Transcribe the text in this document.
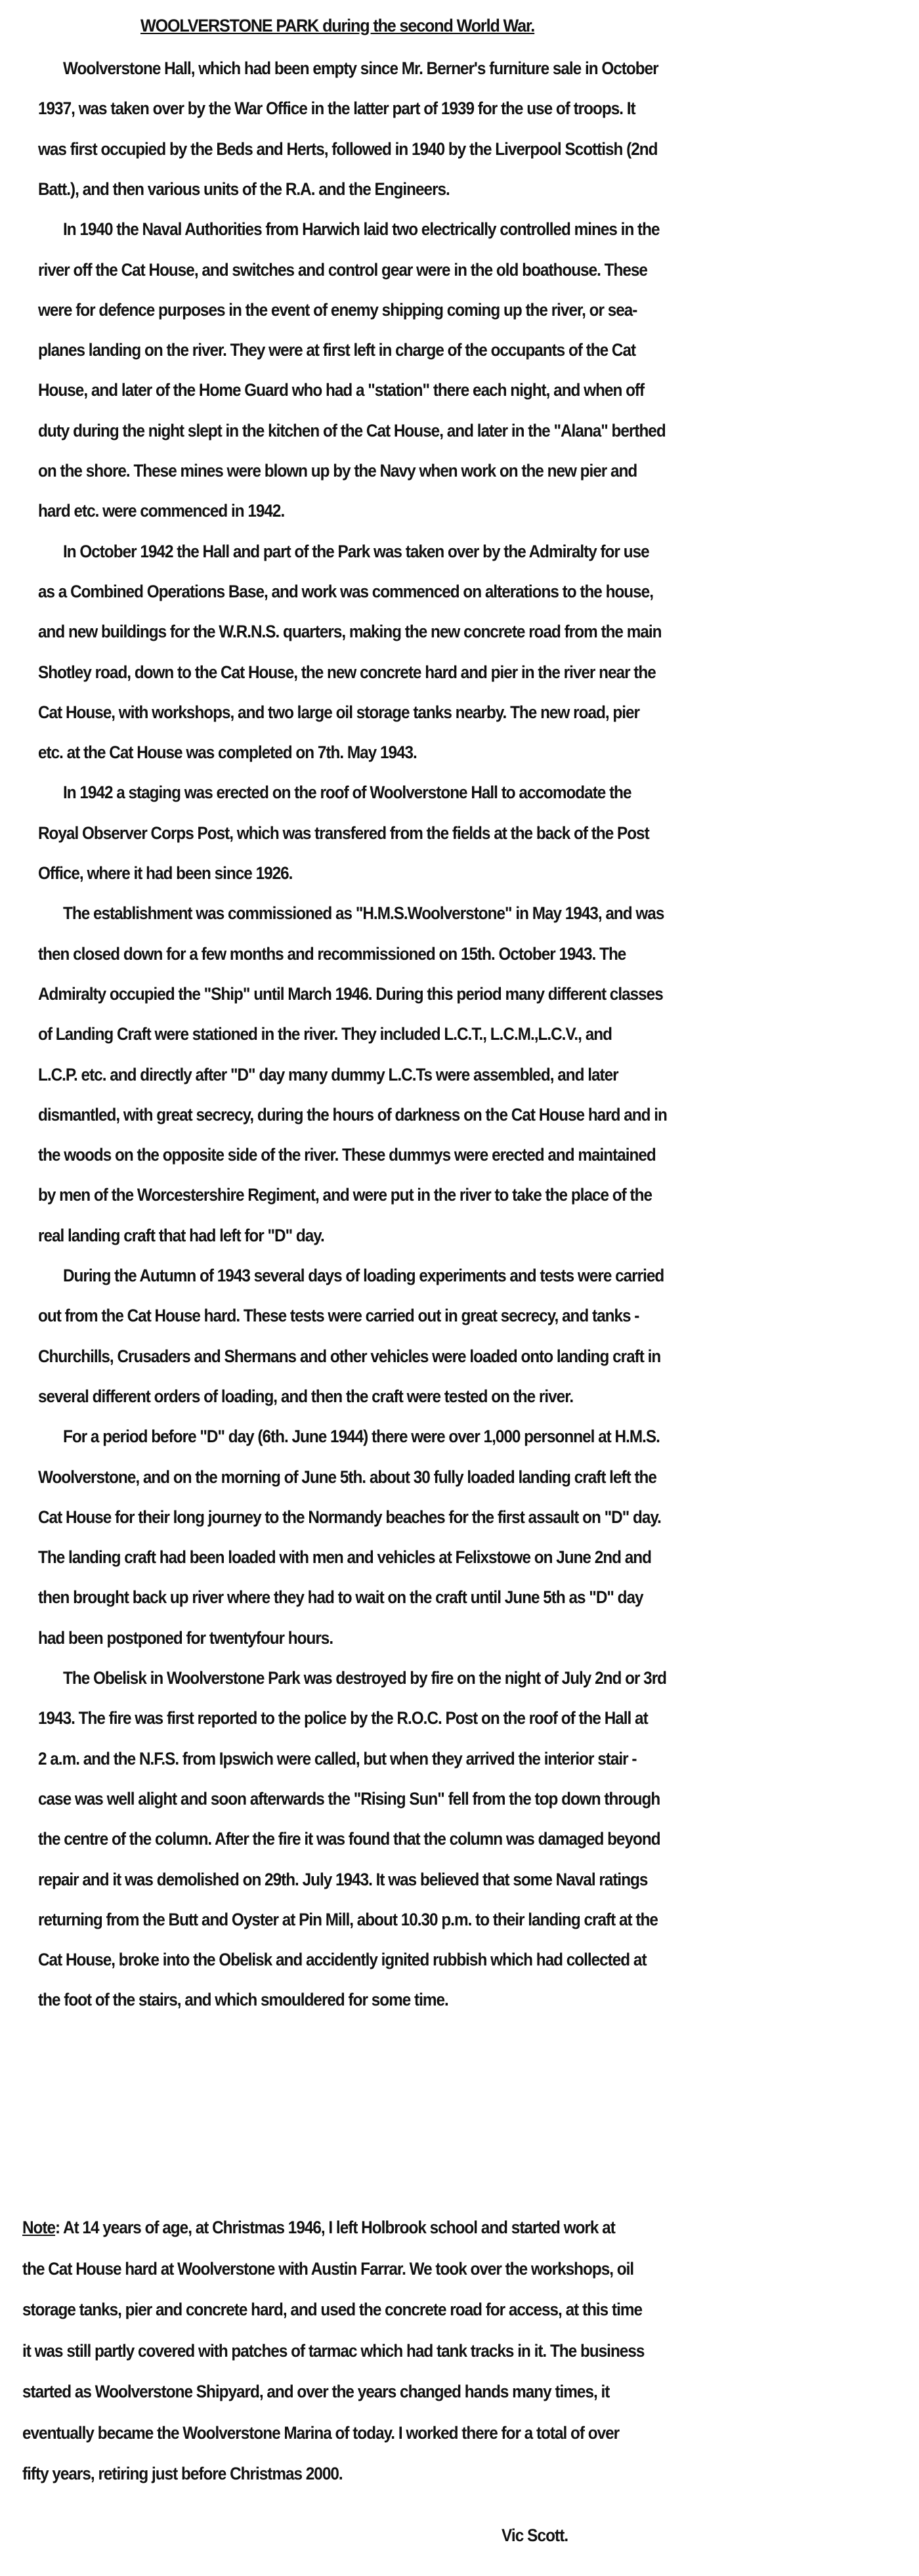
WOOLVERSTONE PARK during the second World War.
Woolverstone Hall, which had been empty since Mr. Berner's furniture sale in October
1937, was taken over by the War Office in the latter part of 1939 for the use of troops. It
was first occupied by the Beds and Herts, followed in 1940 by the Liverpool Scottish (2nd
Batt.), and then various units of the R.A. and the Engineers.
In 1940 the Naval Authorities from Harwich laid two electrically controlled mines in the
river off the Cat House, and switches and control gear were in the old boathouse. These
were for defence purposes in the event of enemy shipping coming up the river, or sea-
planes landing on the river. They were at first left in charge of the occupants of the Cat
House, and later of the Home Guard who had a "station" there each night, and when off
duty during the night slept in the kitchen of the Cat House, and later in the "Alana" berthed
on the shore. These mines were blown up by the Navy when work on the new pier and
hard etc. were commenced in 1942.
In October 1942 the Hall and part of the Park was taken over by the Admiralty for use
as a Combined Operations Base, and work was commenced on alterations to the house,
and new buildings for the W.R.N.S. quarters, making the new concrete road from the main
Shotley road, down to the Cat House, the new concrete hard and pier in the river near the
Cat House, with workshops, and two large oil storage tanks nearby. The new road, pier
etc. at the Cat House was completed on 7th. May 1943.
In 1942 a staging was erected on the roof of Woolverstone Hall to accomodate the
Royal Observer Corps Post, which was transfered from the fields at the back of the Post
Office, where it had been since 1926.
The establishment was commissioned as "H.M.S.Woolverstone" in May 1943, and was
then closed down for a few months and recommissioned on 15th. October 1943. The
Admiralty occupied the "Ship" until March 1946. During this period many different classes
of Landing Craft were stationed in the river. They included L.C.T., L.C.M.,L.C.V., and
L.C.P. etc. and directly after "D" day many dummy L.C.Ts were assembled, and later
dismantled, with great secrecy, during the hours of darkness on the Cat House hard and in
the woods on the opposite side of the river. These dummys were erected and maintained
by men of the Worcestershire Regiment, and were put in the river to take the place of the
real landing craft that had left for "D" day.
During the Autumn of 1943 several days of loading experiments and tests were carried
out from the Cat House hard. These tests were carried out in great secrecy, and tanks -
Churchills, Crusaders and Shermans and other vehicles were loaded onto landing craft in
several different orders of loading, and then the craft were tested on the river.
For a period before "D" day (6th. June 1944) there were over 1,000 personnel at H.M.S.
Woolverstone, and on the morning of June 5th. about 30 fully loaded landing craft left the
Cat House for their long journey to the Normandy beaches for the first assault on "D" day.
The landing craft had been loaded with men and vehicles at Felixstowe on June 2nd and
then brought back up river where they had to wait on the craft until June 5th as "D" day
had been postponed for twentyfour hours.
The Obelisk in Woolverstone Park was destroyed by fire on the night of July 2nd or 3rd
1943. The fire was first reported to the police by the R.O.C. Post on the roof of the Hall at
2 a.m. and the N.F.S. from Ipswich were called, but when they arrived the interior stair -
case was well alight and soon afterwards the "Rising Sun" fell from the top down through
the centre of the column. After the fire it was found that the column was damaged beyond
repair and it was demolished on 29th. July 1943. It was believed that some Naval ratings
returning from the Butt and Oyster at Pin Mill, about 10.30 p.m. to their landing craft at the
Cat House, broke into the Obelisk and accidently ignited rubbish which had collected at
the foot of the stairs, and which smouldered for some time.
Note: At 14 years of age, at Christmas 1946, I left Holbrook school and started work at
the Cat House hard at Woolverstone with Austin Farrar. We took over the workshops, oil
storage tanks, pier and concrete hard, and used the concrete road for access, at this time
it was still partly covered with patches of tarmac which had tank tracks in it. The business
started as Woolverstone Shipyard, and over the years changed hands many times, it
eventually became the Woolverstone Marina of today. I worked there for a total of over
fifty years, retiring just before Christmas 2000.
Vic Scott.
